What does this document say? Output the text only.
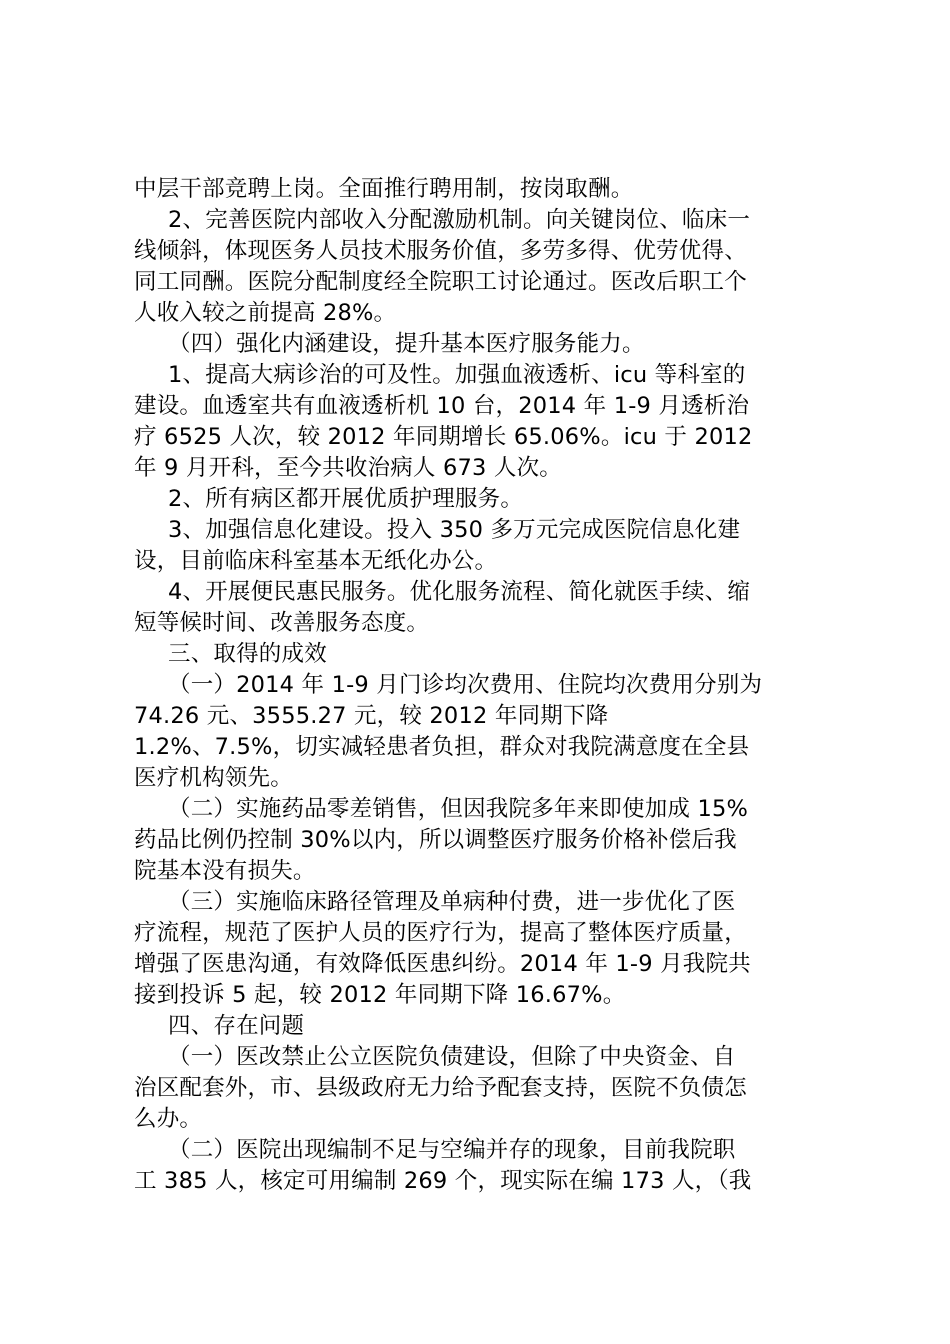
中层干部竞聘上岗。全面推行聘用制，按岗取酬。
2、完善医院内部收入分配激励机制。向关键岗位、临床一
线倾斜，体现医务人员技术服务价值，多劳多得、优劳优得、
同工同酬。医院分配制度经全院职工讨论通过。医改后职工个
人收入较之前提高 28%。
（四）强化内涵建设，提升基本医疗服务能力。
1、提高大病诊治的可及性。加强血液透析、icu 等科室的
建设。血透室共有血液透析机 10 台，2014 年 1-9 月透析治
疗 6525 人次，较 2012 年同期增长 65.06%。icu 于 2012
年 9 月开科，至今共收治病人 673 人次。
2、所有病区都开展优质护理服务。
3、加强信息化建设。投入 350 多万元完成医院信息化建
设，目前临床科室基本无纸化办公。
4、开展便民惠民服务。优化服务流程、简化就医手续、缩
短等候时间、改善服务态度。
三、取得的成效
（一）2014 年 1-9 月门诊均次费用、住院均次费用分别为
74.26 元、3555.27 元，较 2012 年同期下降
1.2%、7.5%，切实减轻患者负担，群众对我院满意度在全县
医疗机构领先。
（二）实施药品零差销售，但因我院多年来即使加成 15%
药品比例仍控制 30%以内，所以调整医疗服务价格补偿后我
院基本没有损失。
（三）实施临床路径管理及单病种付费，进一步优化了医
疗流程，规范了医护人员的医疗行为，提高了整体医疗质量，
增强了医患沟通，有效降低医患纠纷。2014 年 1-9 月我院共
接到投诉 5 起，较 2012 年同期下降 16.67%。
四、存在问题
（一）医改禁止公立医院负债建设，但除了中央资金、自
治区配套外，市、县级政府无力给予配套支持，医院不负债怎
么办。
（二）医院出现编制不足与空编并存的现象，目前我院职
工 385 人，核定可用编制 269 个，现实际在编 173 人，（我
